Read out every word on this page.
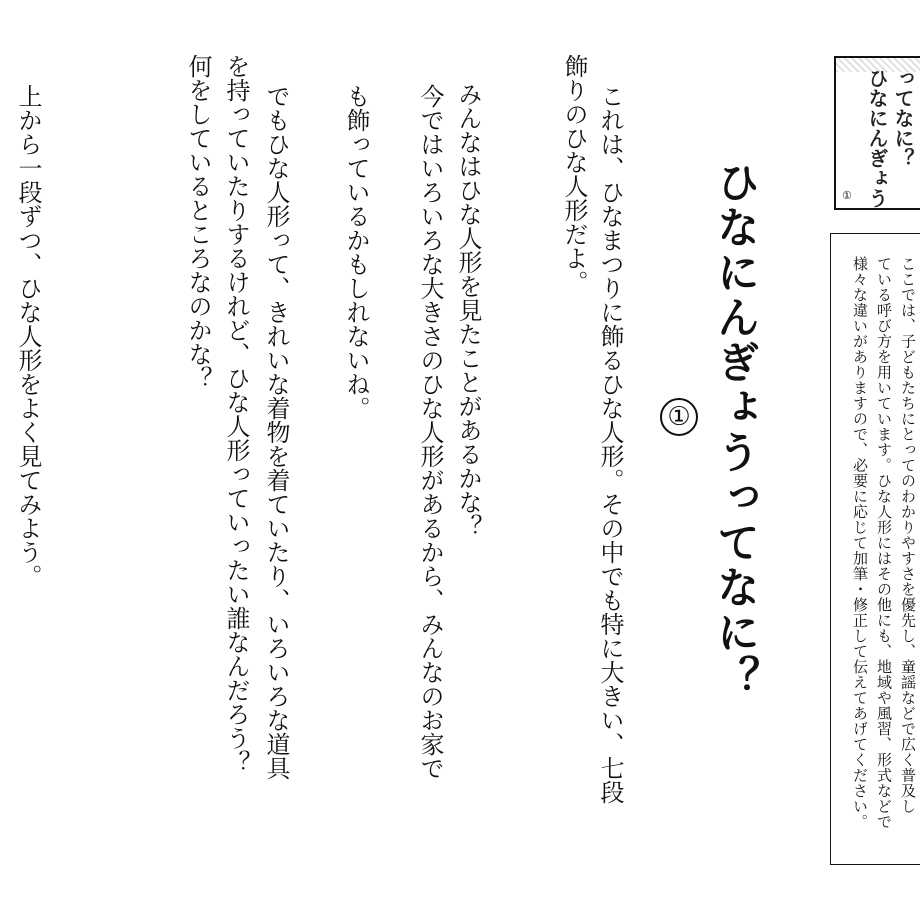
ひなにんぎょう ってなに？
①
ここでは、子どもたちにとってのわかりやすさを優先し、童謡などで広く普及し
ている呼び方を用いています。ひな人形にはその他にも、地域や風習、形式などで
様々な違いがありますので、必要に応じて加筆・修正して伝えてあげてください。
ひなにんぎょうってなに？
これは、ひなまつりに飾るひな人形。その中でも特に大きい、七段
飾りのひな人形だよ。
①
みんなはひな人形を見たことがあるかな？
今ではいろいろな大きさのひな人形があるから、みんなのお家で
も飾っているかもしれないね。
でもひな人形って、きれいな着物を着ていたり、いろいろな道具
を持っていたりするけれど、ひな人形っていったい誰なんだろう？
何をしているところなのかな？
上から一段ずつ、ひな人形をよく見てみよう。
